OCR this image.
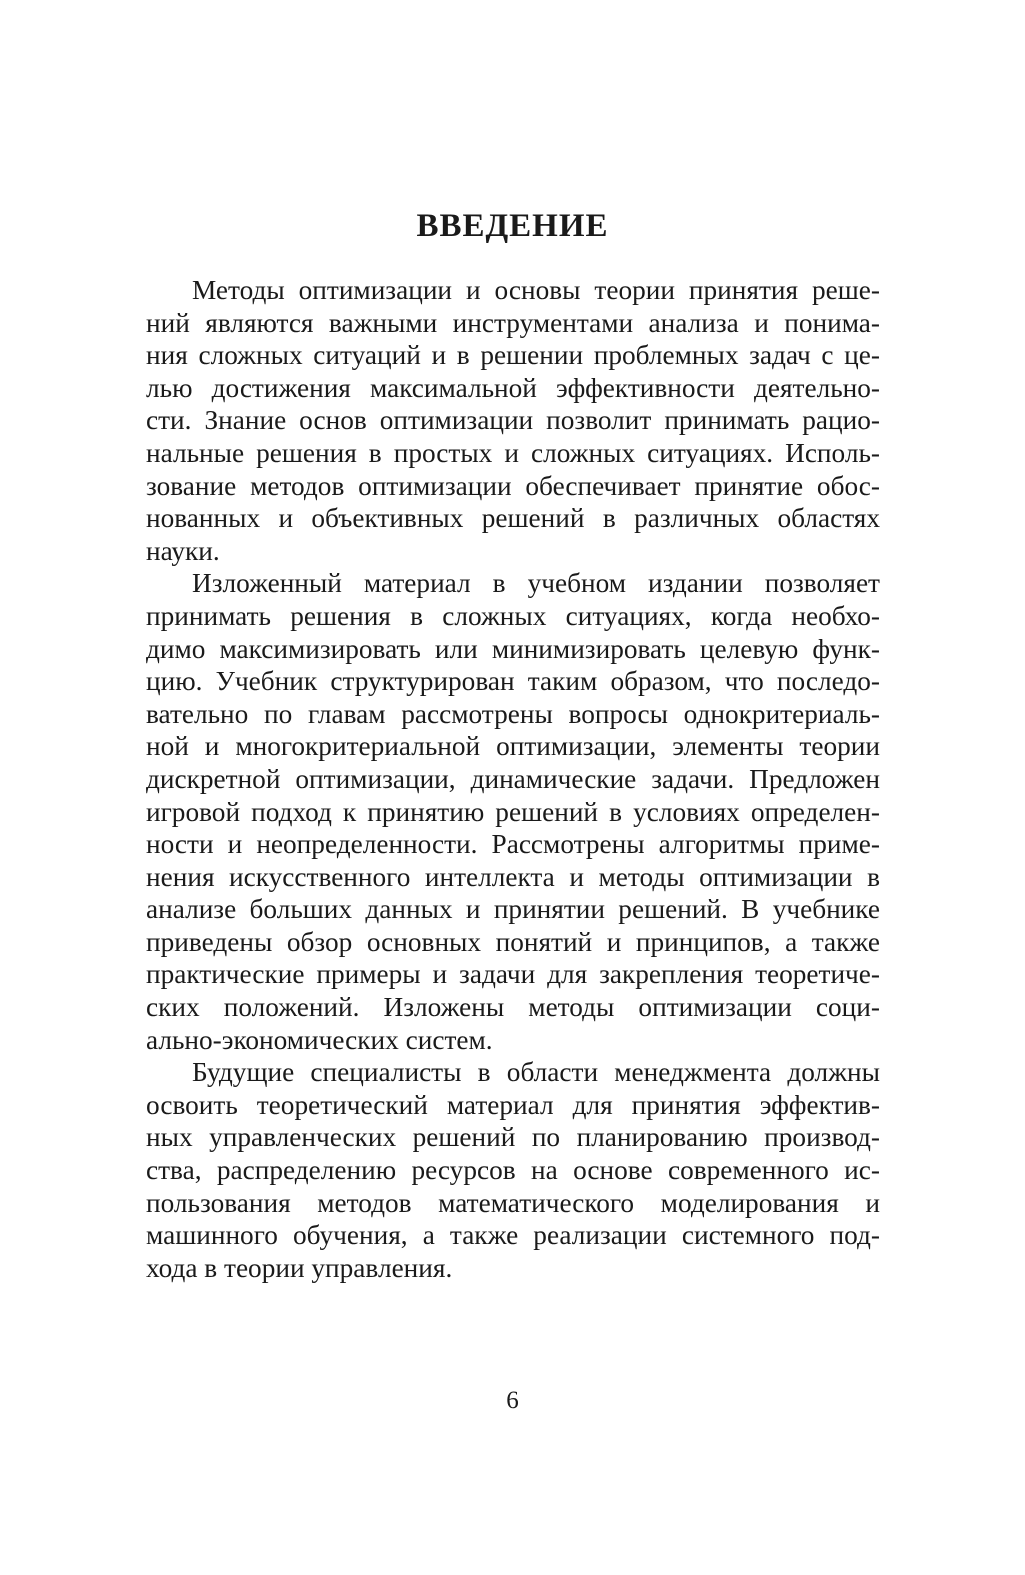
ВВЕДЕНИЕ
Методы оптимизации и основы теории принятия реше-
ний являются важными инструментами анализа и понима-
ния сложных ситуаций и в решении проблемных задач с це-
лью достижения максимальной эффективности деятельно-
сти. Знание основ оптимизации позволит принимать рацио-
нальные решения в простых и сложных ситуациях. Исполь-
зование методов оптимизации обеспечивает принятие обос-
нованных и объективных решений в различных областях
науки.
Изложенный материал в учебном издании позволяет
принимать решения в сложных ситуациях, когда необхо-
димо максимизировать или минимизировать целевую функ-
цию. Учебник структурирован таким образом, что последо-
вательно по главам рассмотрены вопросы однокритериаль-
ной и многокритериальной оптимизации, элементы теории
дискретной оптимизации, динамические задачи. Предложен
игровой подход к принятию решений в условиях определен-
ности и неопределенности. Рассмотрены алгоритмы приме-
нения искусственного интеллекта и методы оптимизации в
анализе больших данных и принятии решений. В учебнике
приведены обзор основных понятий и принципов, а также
практические примеры и задачи для закрепления теоретиче-
ских положений. Изложены методы оптимизации соци-
ально-экономических систем.
Будущие специалисты в области менеджмента должны
освоить теоретический материал для принятия эффектив-
ных управленческих решений по планированию производ-
ства, распределению ресурсов на основе современного ис-
пользования методов математического моделирования и
машинного обучения, а также реализации системного под-
хода в теории управления.
6
